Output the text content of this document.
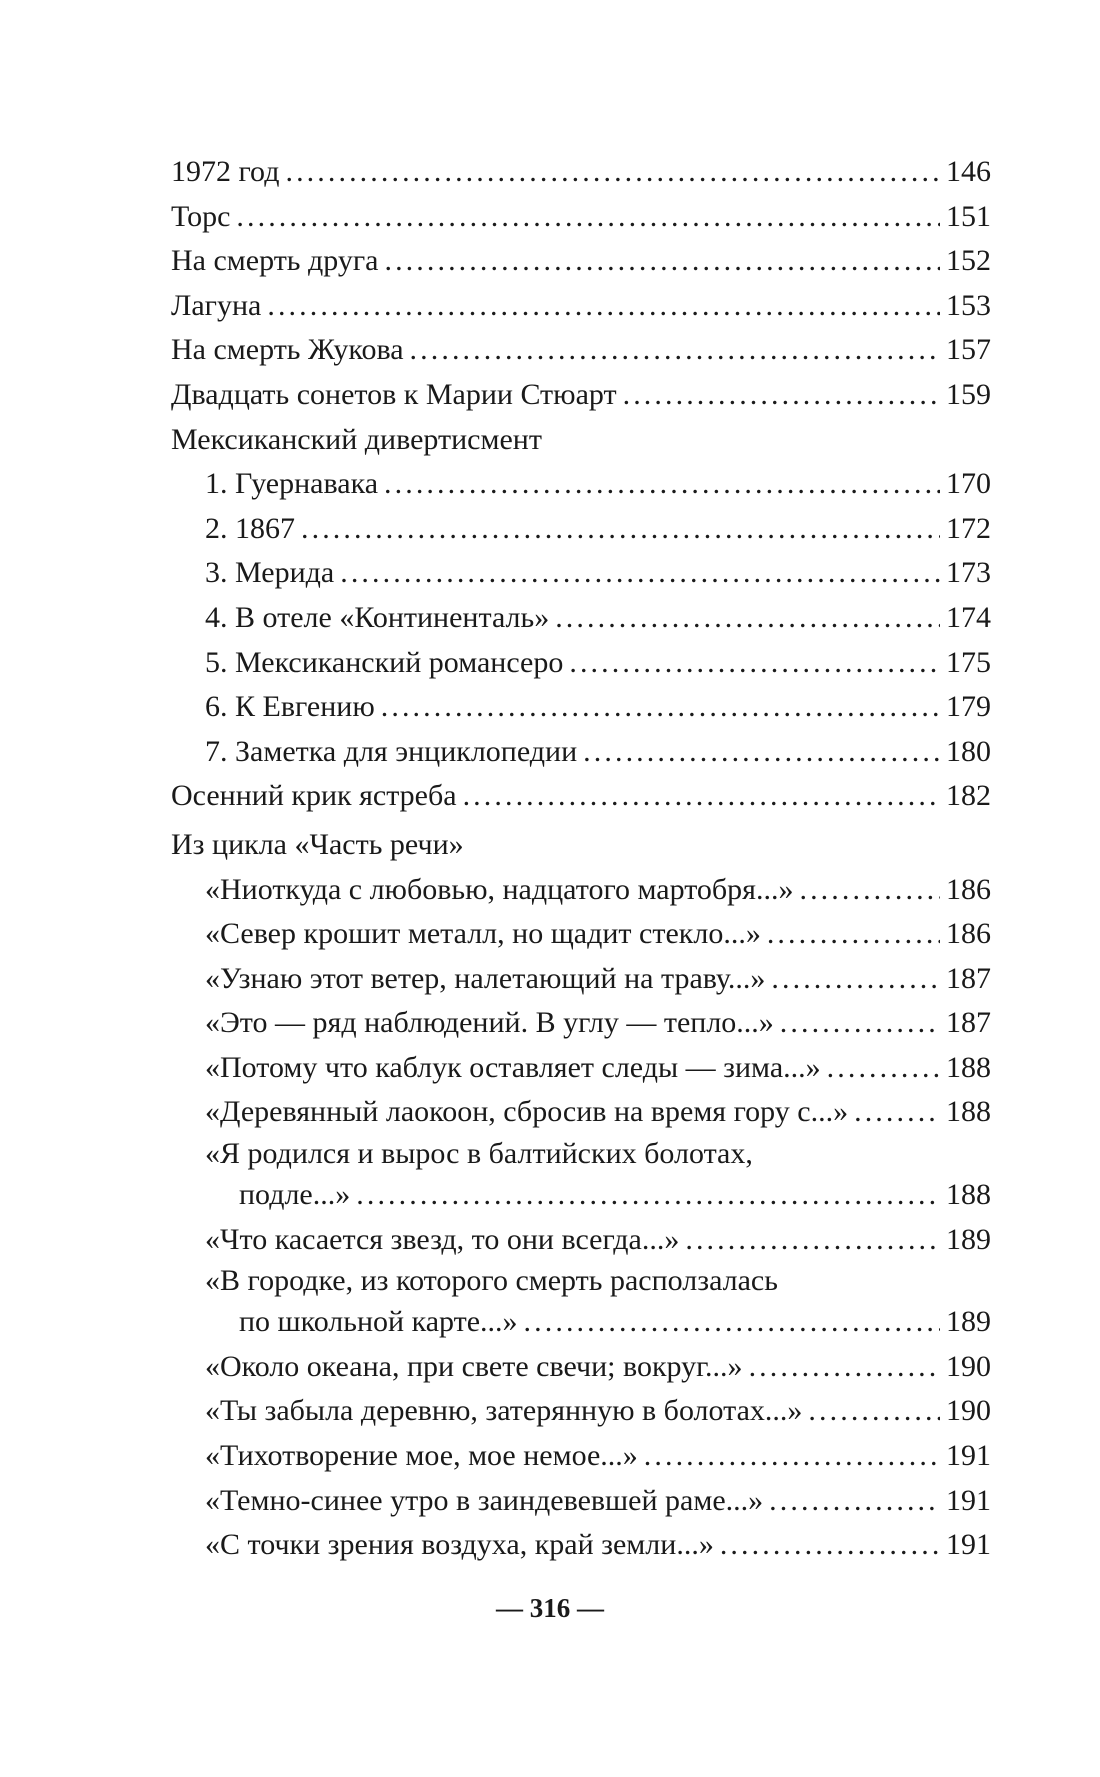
1972 год . . .	146
Торс . . .	151
На смерть друга . . .	152
Лагуна . . .	153
На смерть Жукова . . .	157
Двадцать сонетов к Марии Стюарт . . .	159
Мексиканский дивертисмент
1. Гуернавака . . .	170
2. 1867 . . .	172
3. Мерида . . .	173
4. В отеле «Континенталь» . . .	174
5. Мексиканский романсеро . . .	175
6. К Евгению . . .	179
7. Заметка для энциклопедии . . .	180
Осенний крик ястреба . . .	182
Из цикла «Часть речи»
«Ниоткуда с любовью, надцатого мартобря...» . . .	186
«Север крошит металл, но щадит стекло...» . . .	186
«Узнаю этот ветер, налетающий на траву...» . . .	187
«Это — ряд наблюдений. В углу — тепло...» . . .	187
«Потому что каблук оставляет следы — зима...» . . .	188
«Деревянный лаокоон, сбросив на время гору с...» . . .	188
«Я родился и вырос в балтийских болотах,
подле...» . . .	188
«Что касается звезд, то они всегда...» . . .	189
«В городке, из которого смерть расползалась
по школьной карте...» . . .	189
«Около океана, при свете свечи; вокруг...» . . .	190
«Ты забыла деревню, затерянную в болотах...» . . .	190
«Тихотворение мое, мое немое...» . . .	191
«Темно-синее утро в заиндевевшей раме...» . . .	191
«С точки зрения воздуха, край земли...» . . .	191
— 316 —
